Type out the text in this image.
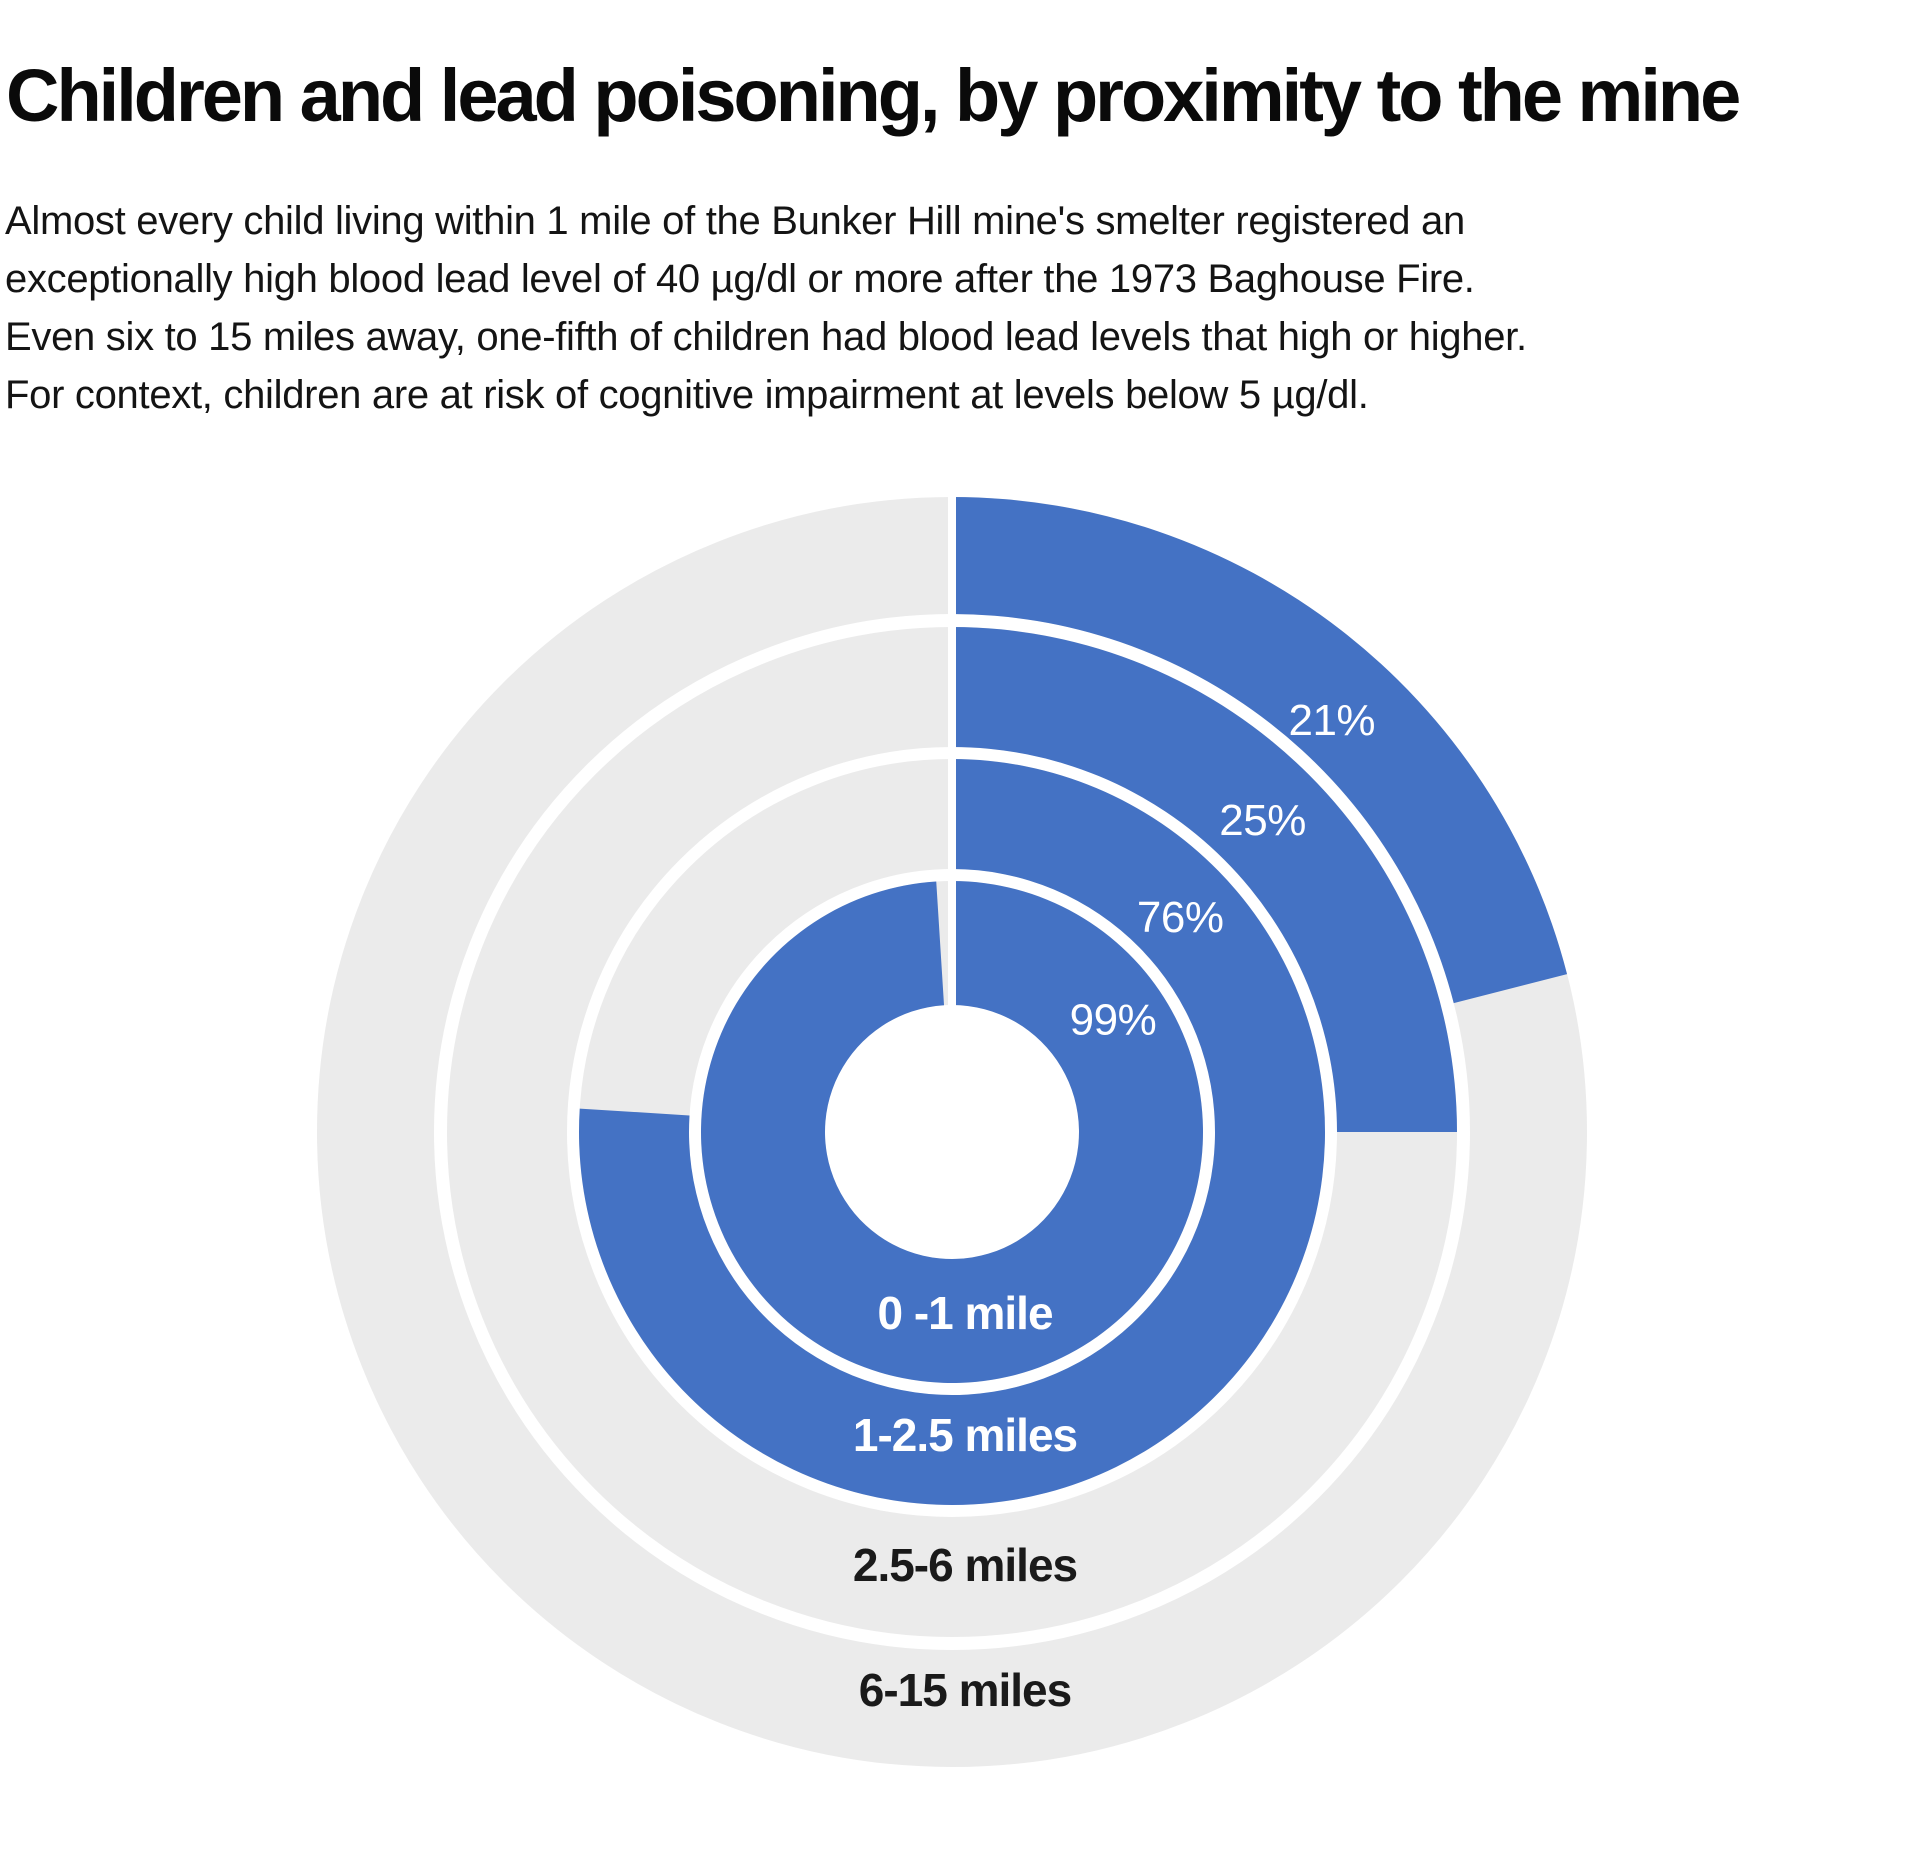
Children and lead poisoning, by proximity to the mine
Almost every child living within 1 mile of the Bunker Hill mine's smelter registered an
exceptionally high blood lead level of 40 µg/dl or more after the 1973 Baghouse Fire.
Even six to 15 miles away, one-fifth of children had blood lead levels that high or higher.
For context, children are at risk of cognitive impairment at levels below 5 µg/dl.
99%
76%
25%
21%
0 -1 mile
1-2.5 miles
2.5-6 miles
6-15 miles
